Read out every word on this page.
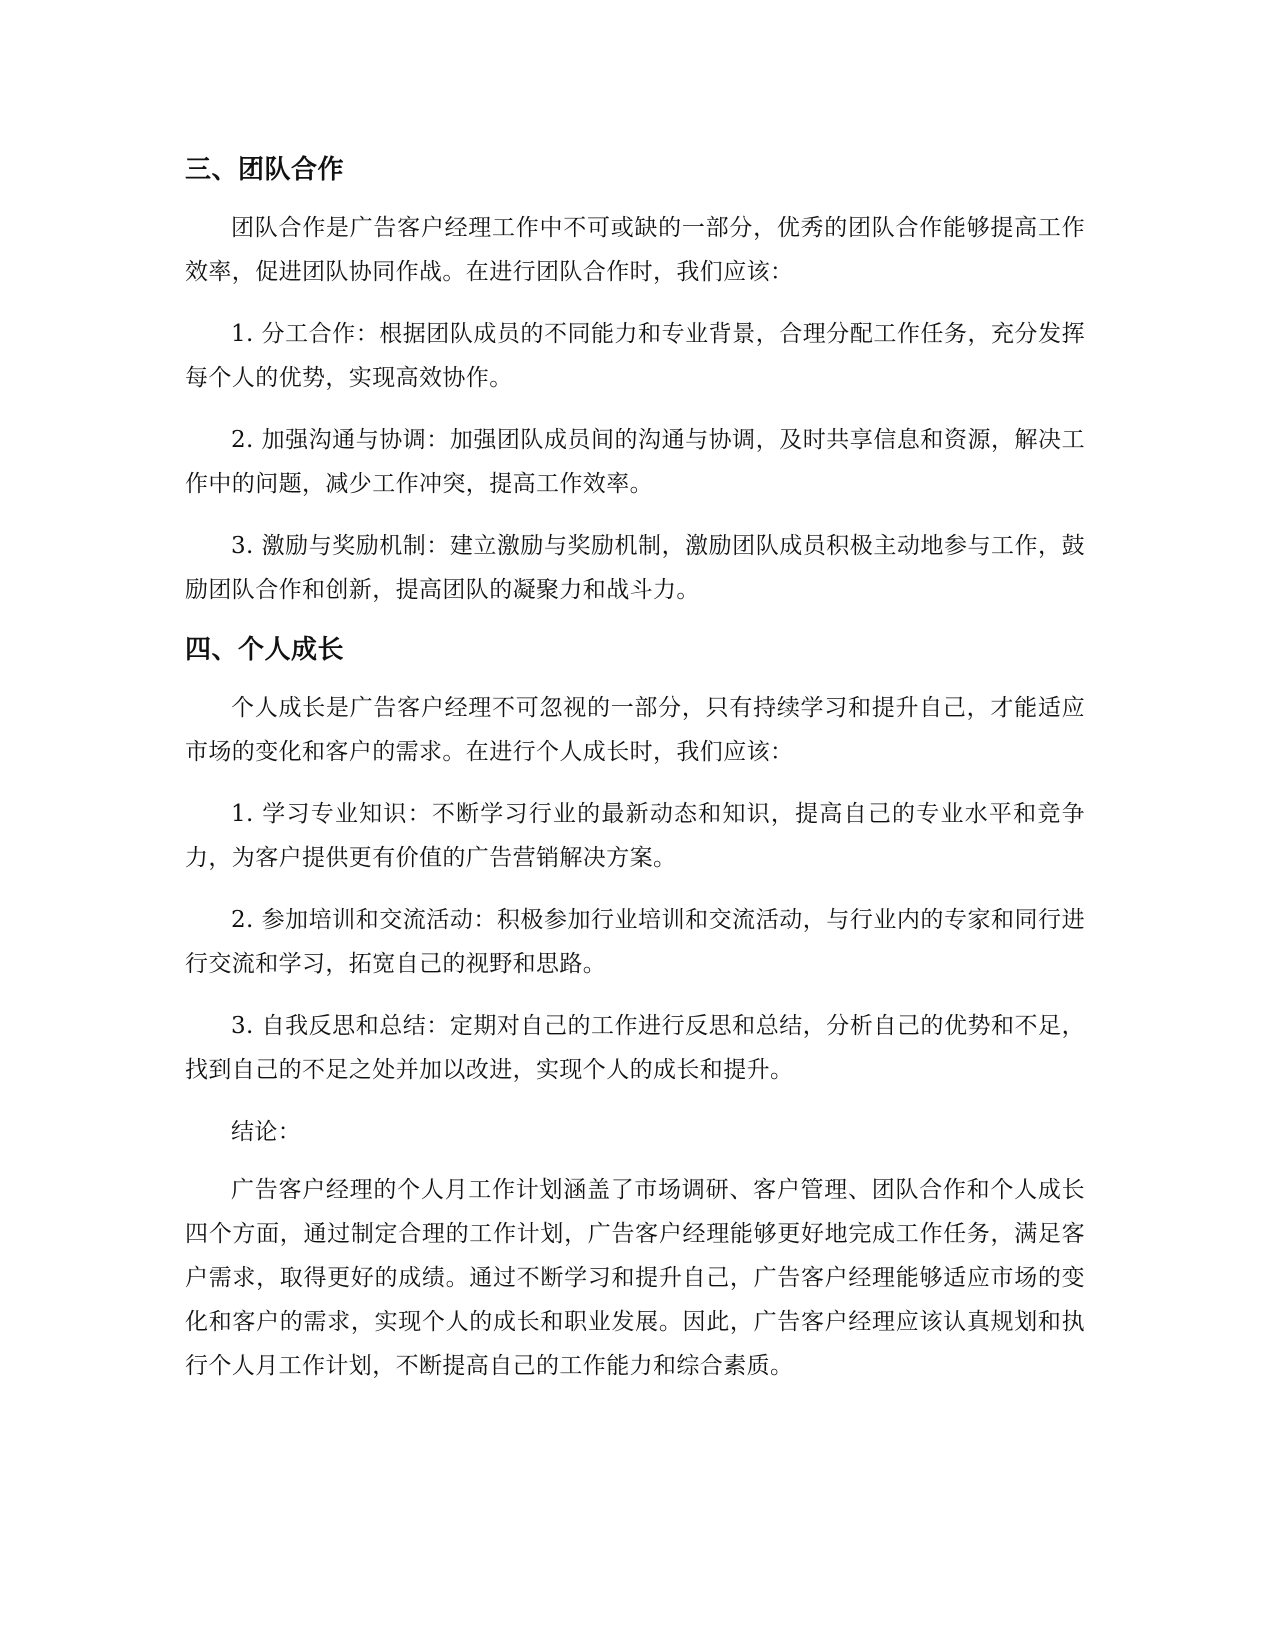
三、团队合作

团队合作是广告客户经理工作中不可或缺的一部分，优秀的团队合作能够提高工作效率，促进团队协同作战。在进行团队合作时，我们应该：

1. 分工合作：根据团队成员的不同能力和专业背景，合理分配工作任务，充分发挥每个人的优势，实现高效协作。

2. 加强沟通与协调：加强团队成员间的沟通与协调，及时共享信息和资源，解决工作中的问题，减少工作冲突，提高工作效率。

3. 激励与奖励机制：建立激励与奖励机制，激励团队成员积极主动地参与工作，鼓励团队合作和创新，提高团队的凝聚力和战斗力。

四、个人成长

个人成长是广告客户经理不可忽视的一部分，只有持续学习和提升自己，才能适应市场的变化和客户的需求。在进行个人成长时，我们应该：

1. 学习专业知识：不断学习行业的最新动态和知识，提高自己的专业水平和竞争力，为客户提供更有价值的广告营销解决方案。

2. 参加培训和交流活动：积极参加行业培训和交流活动，与行业内的专家和同行进行交流和学习，拓宽自己的视野和思路。

3. 自我反思和总结：定期对自己的工作进行反思和总结，分析自己的优势和不足，找到自己的不足之处并加以改进，实现个人的成长和提升。

结论：

广告客户经理的个人月工作计划涵盖了市场调研、客户管理、团队合作和个人成长四个方面，通过制定合理的工作计划，广告客户经理能够更好地完成工作任务，满足客户需求，取得更好的成绩。通过不断学习和提升自己，广告客户经理能够适应市场的变化和客户的需求，实现个人的成长和职业发展。因此，广告客户经理应该认真规划和执行个人月工作计划，不断提高自己的工作能力和综合素质。
